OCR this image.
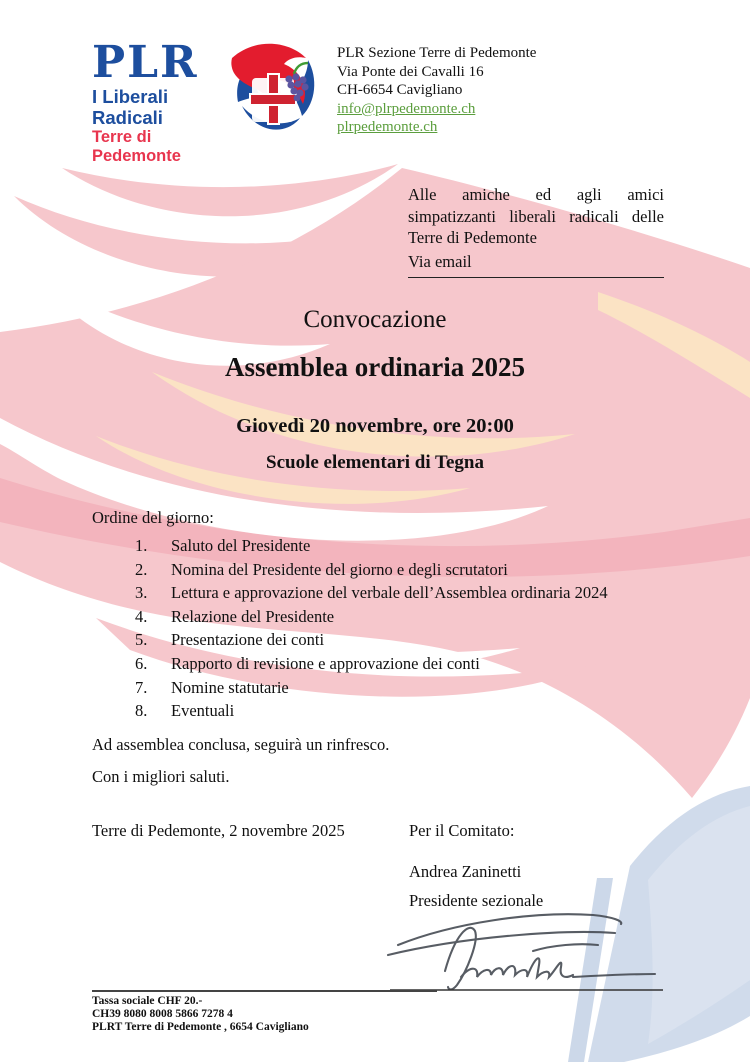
PLR
I Liberali Radicali
Terre di Pedemonte
PLR Sezione Terre di Pedemonte
Via Ponte dei Cavalli 16
CH-6654 Cavigliano
info@plrpedemonte.ch
plrpedemonte.ch
Alle amiche ed agli amici simpatizzanti liberali radicali delle Terre di Pedemonte
Via email
Convocazione
Assemblea ordinaria 2025
Giovedì 20 novembre, ore 20:00
Scuole elementari di Tegna
Ordine del giorno:
1.	Saluto del Presidente
2.	Nomina del Presidente del giorno e degli scrutatori
3.	Lettura e approvazione del verbale dell’Assemblea ordinaria 2024
4.	Relazione del Presidente
5.	Presentazione dei conti
6.	Rapporto di revisione e approvazione dei conti
7.	Nomine statutarie
8.	Eventuali
Ad assemblea conclusa, seguirà un rinfresco.
Con i migliori saluti.
Terre di Pedemonte, 2 novembre 2025	Per il Comitato:
Andrea Zaninetti
Presidente sezionale
Tassa sociale CHF 20.-
CH39 8080 8008 5866 7278 4
PLRT Terre di Pedemonte , 6654 Cavigliano
